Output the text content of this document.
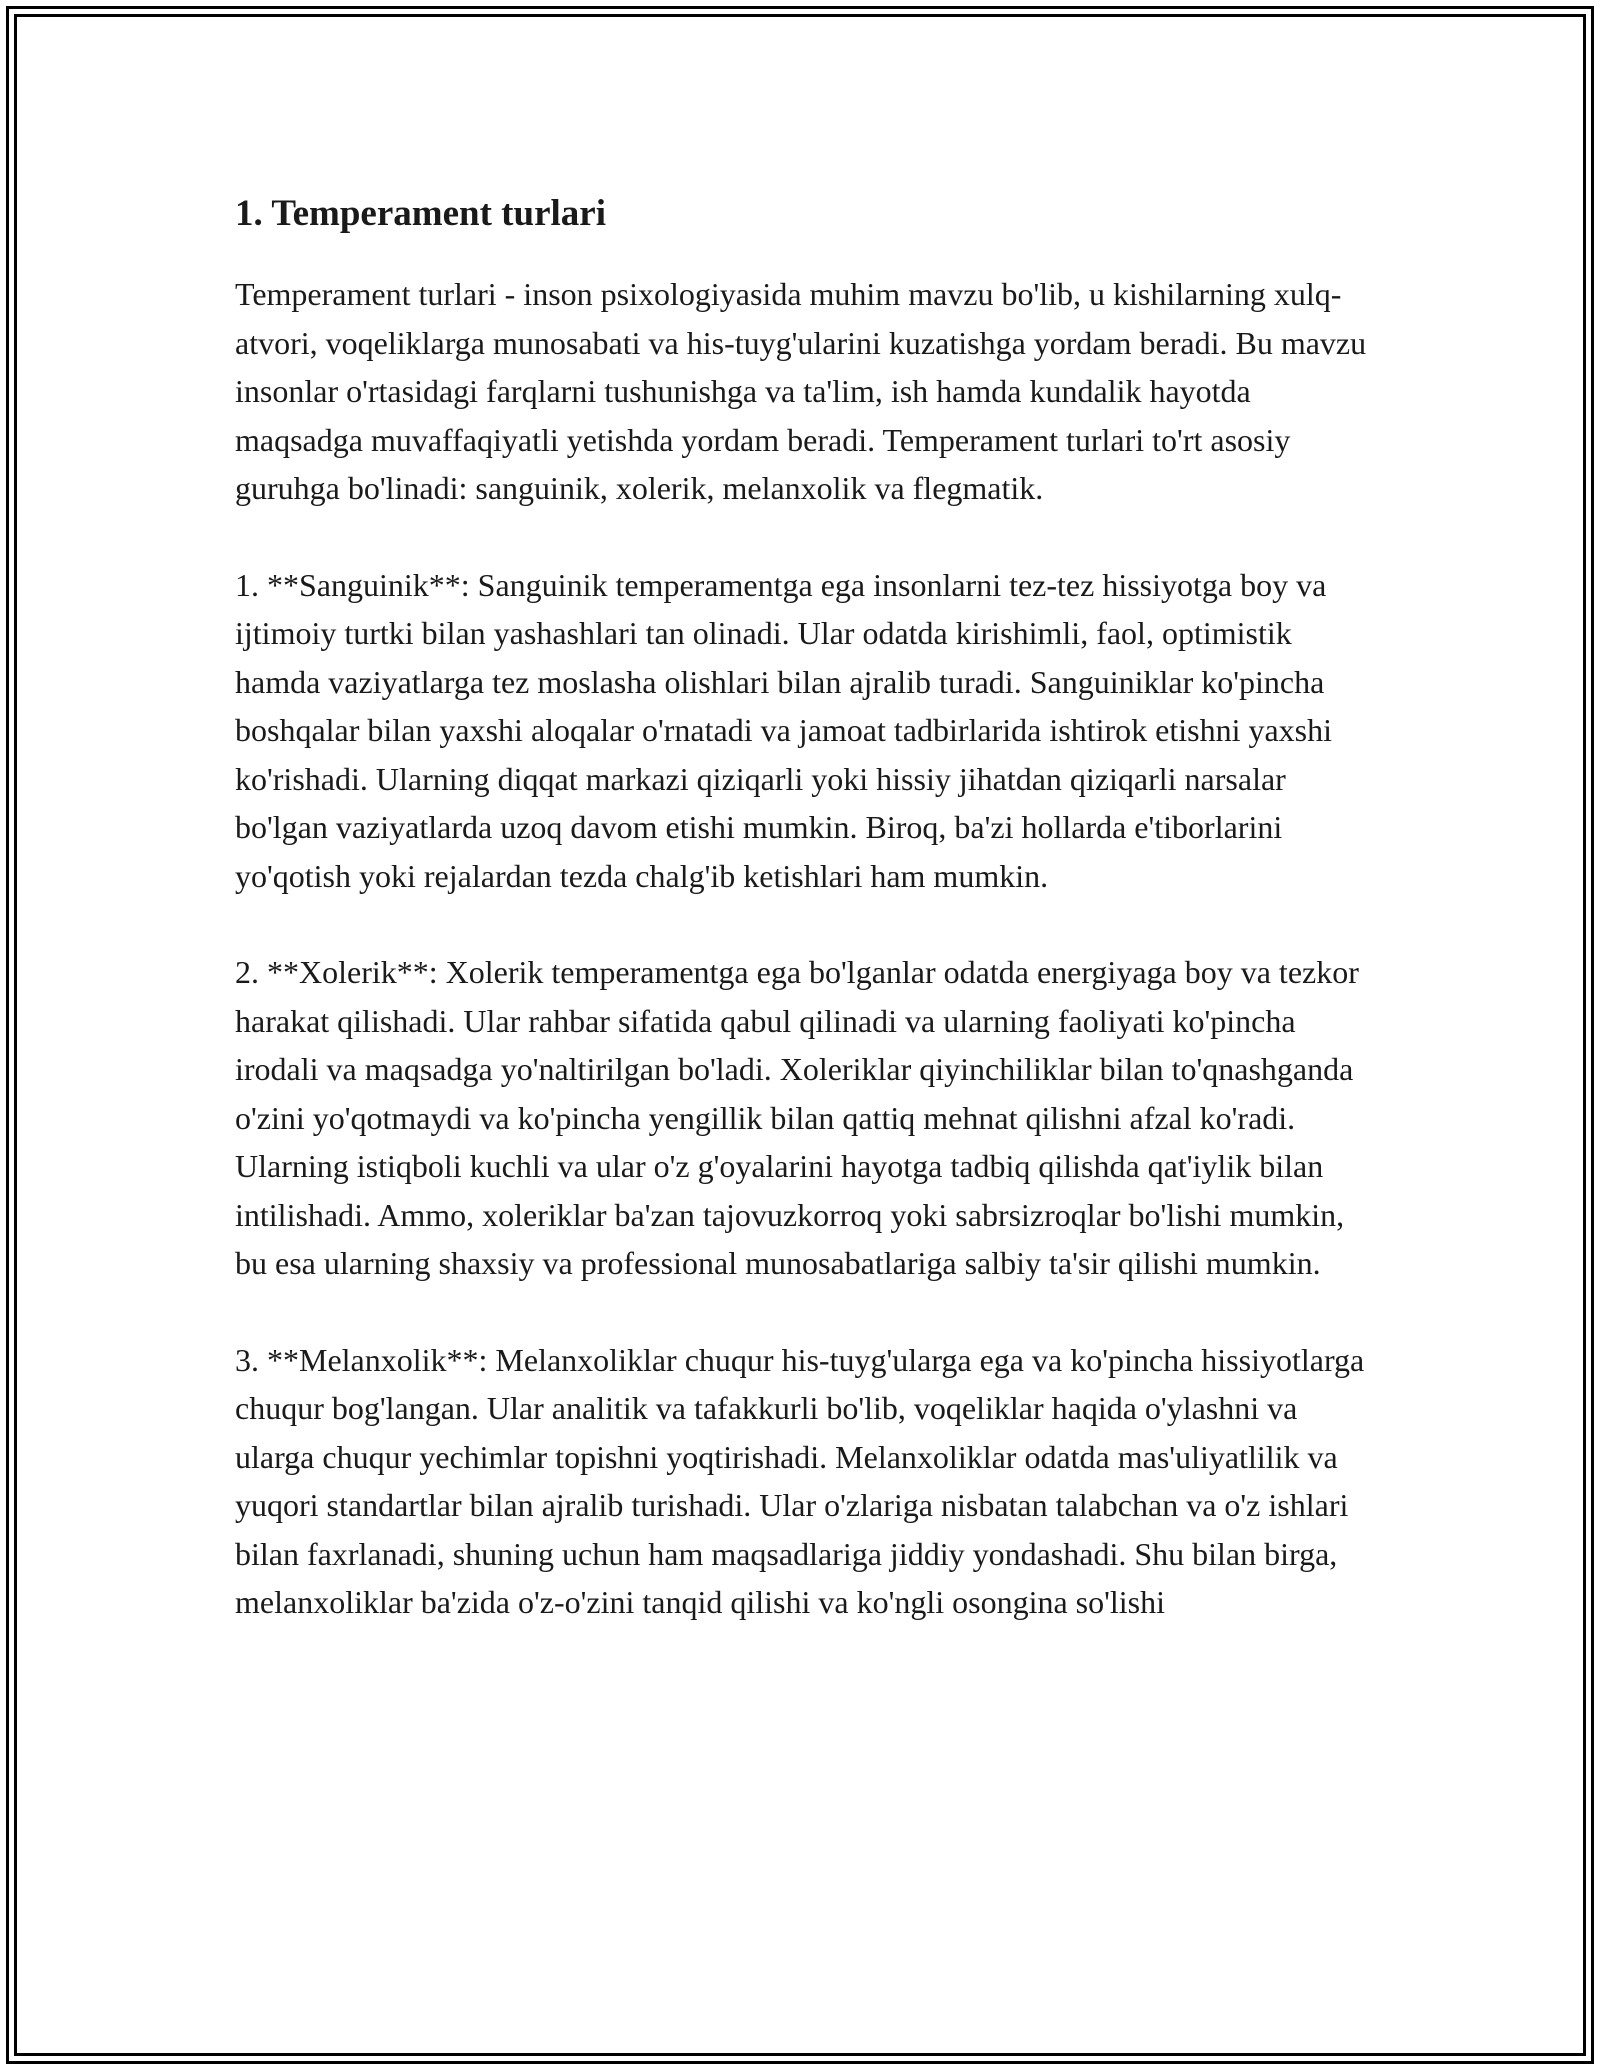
1. Temperament turlari

Temperament turlari - inson psixologiyasida muhim mavzu bo'lib, u kishilarning xulq-atvori, voqeliklarga munosabati va his-tuyg'ularini kuzatishga yordam beradi. Bu mavzu insonlar o'rtasidagi farqlarni tushunishga va ta'lim, ish hamda kundalik hayotda maqsadga muvaffaqiyatli yetishda yordam beradi. Temperament turlari to'rt asosiy guruhga bo'linadi: sanguinik, xolerik, melanxolik va flegmatik.

1. **Sanguinik**: Sanguinik temperamentga ega insonlarni tez-tez hissiyotga boy va ijtimoiy turtki bilan yashashlari tan olinadi. Ular odatda kirishimli, faol, optimistik hamda vaziyatlarga tez moslasha olishlari bilan ajralib turadi. Sanguiniklar ko'pincha boshqalar bilan yaxshi aloqalar o'rnatadi va jamoat tadbirlarida ishtirok etishni yaxshi ko'rishadi. Ularning diqqat markazi qiziqarli yoki hissiy jihatdan qiziqarli narsalar bo'lgan vaziyatlarda uzoq davom etishi mumkin. Biroq, ba'zi hollarda e'tiborlarini yo'qotish yoki rejalardan tezda chalg'ib ketishlari ham mumkin.

2. **Xolerik**: Xolerik temperamentga ega bo'lganlar odatda energiyaga boy va tezkor harakat qilishadi. Ular rahbar sifatida qabul qilinadi va ularning faoliyati ko'pincha irodali va maqsadga yo'naltirilgan bo'ladi. Xoleriklar qiyinchiliklar bilan to'qnashganda o'zini yo'qotmaydi va ko'pincha yengillik bilan qattiq mehnat qilishni afzal ko'radi. Ularning istiqboli kuchli va ular o'z g'oyalarini hayotga tadbiq qilishda qat'iylik bilan intilishadi. Ammo, xoleriklar ba'zan tajovuzkorroq yoki sabrsizroqlar bo'lishi mumkin, bu esa ularning shaxsiy va professional munosabatlariga salbiy ta'sir qilishi mumkin.

3. **Melanxolik**: Melanxoliklar chuqur his-tuyg'ularga ega va ko'pincha hissiyotlarga chuqur bog'langan. Ular analitik va tafakkurli bo'lib, voqeliklar haqida o'ylashni va ularga chuqur yechimlar topishni yoqtirishadi. Melanxoliklar odatda mas'uliyatlilik va yuqori standartlar bilan ajralib turishadi. Ular o'zlariga nisbatan talabchan va o'z ishlari bilan faxrlanadi, shuning uchun ham maqsadlariga jiddiy yondashadi. Shu bilan birga, melanxoliklar ba'zida o'z-o'zini tanqid qilishi va ko'ngli osongina so'lishi
